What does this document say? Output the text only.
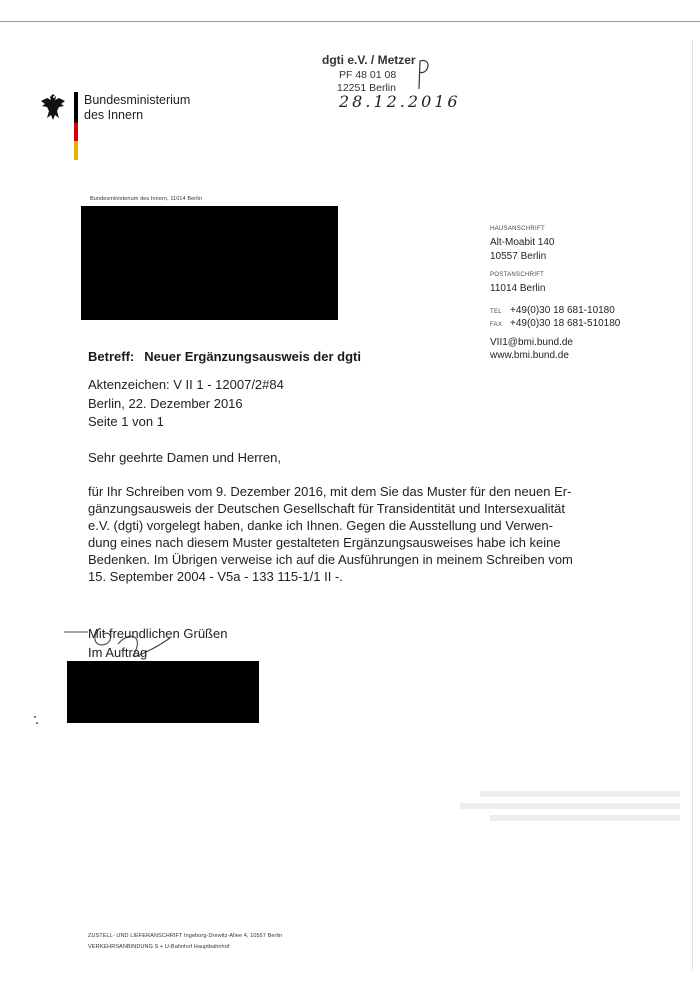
Bundesministerium
des Innern
dgti e.V. / Metzer
PF 48 01 08
12251 Berlin
28.12.2016
Bundesministerium des Innern, 11014 Berlin
HAUSANSCHRIFT
Alt-Moabit 140
10557 Berlin
POSTANSCHRIFT
11014 Berlin
TEL +49(0)30 18 681-10180
FAX +49(0)30 18 681-510180
VII1@bmi.bund.de
www.bmi.bund.de
Betreff: Neuer Ergänzungsausweis der dgti
Aktenzeichen: V II 1 - 12007/2#84
Berlin, 22. Dezember 2016
Seite 1 von 1
Sehr geehrte Damen und Herren,
für Ihr Schreiben vom 9. Dezember 2016, mit dem Sie das Muster für den neuen Er-
gänzungsausweis der Deutschen Gesellschaft für Transidentität und Intersexualität
e.V. (dgti) vorgelegt haben, danke ich Ihnen. Gegen die Ausstellung und Verwen-
dung eines nach diesem Muster gestalteten Ergänzungsausweises habe ich keine
Bedenken. Im Übrigen verweise ich auf die Ausführungen in meinem Schreiben vom
15. September 2004 - V5a - 133 115-1/1 II -.
Mit freundlichen Grüßen
Im Auftrag
ZUSTELL- UND LIEFERANSCHRIFT Ingeborg-Drewitz-Allee 4, 10557 Berlin
VERKEHRSANBINDUNG S + U-Bahnhof Hauptbahnhof
